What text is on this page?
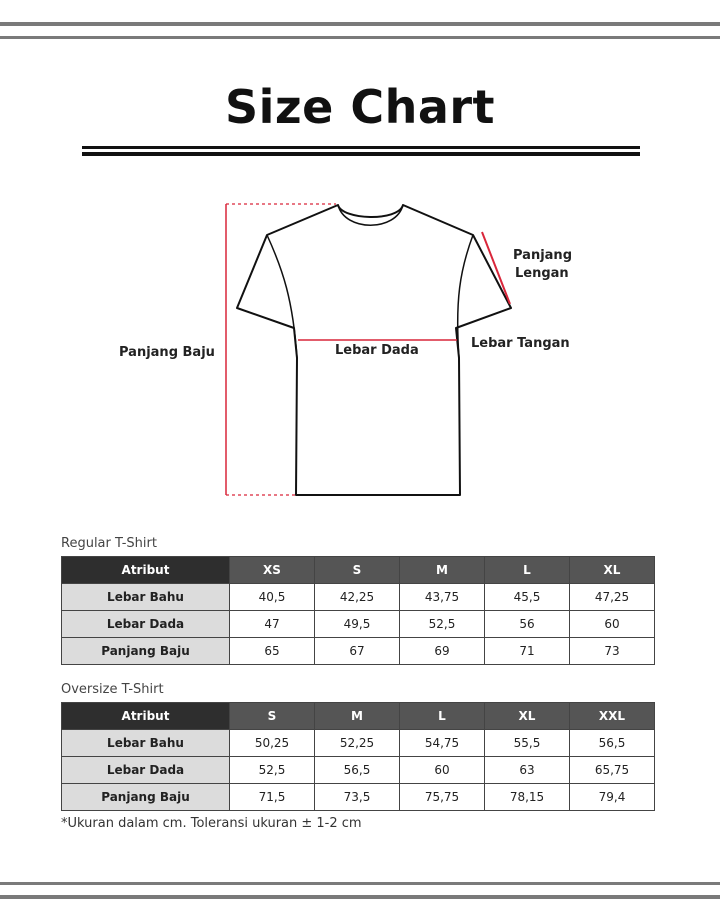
Size Chart
Panjang Baju	Lebar Dada	Lebar Tangan
Panjang
Lengan
Regular T-Shirt
Atribut	XS	S	M	L	XL
Lebar Bahu	40,5	42,25	43,75	45,5	47,25
Lebar Dada	47	49,5	52,5	56	60
Panjang Baju	65	67	69	71	73
Oversize T-Shirt
Atribut	S	M	L	XL	XXL
Lebar Bahu	50,25	52,25	54,75	55,5	56,5
Lebar Dada	52,5	56,5	60	63	65,75
Panjang Baju	71,5	73,5	75,75	78,15	79,4
*Ukuran dalam cm. Toleransi ukuran ± 1-2 cm
